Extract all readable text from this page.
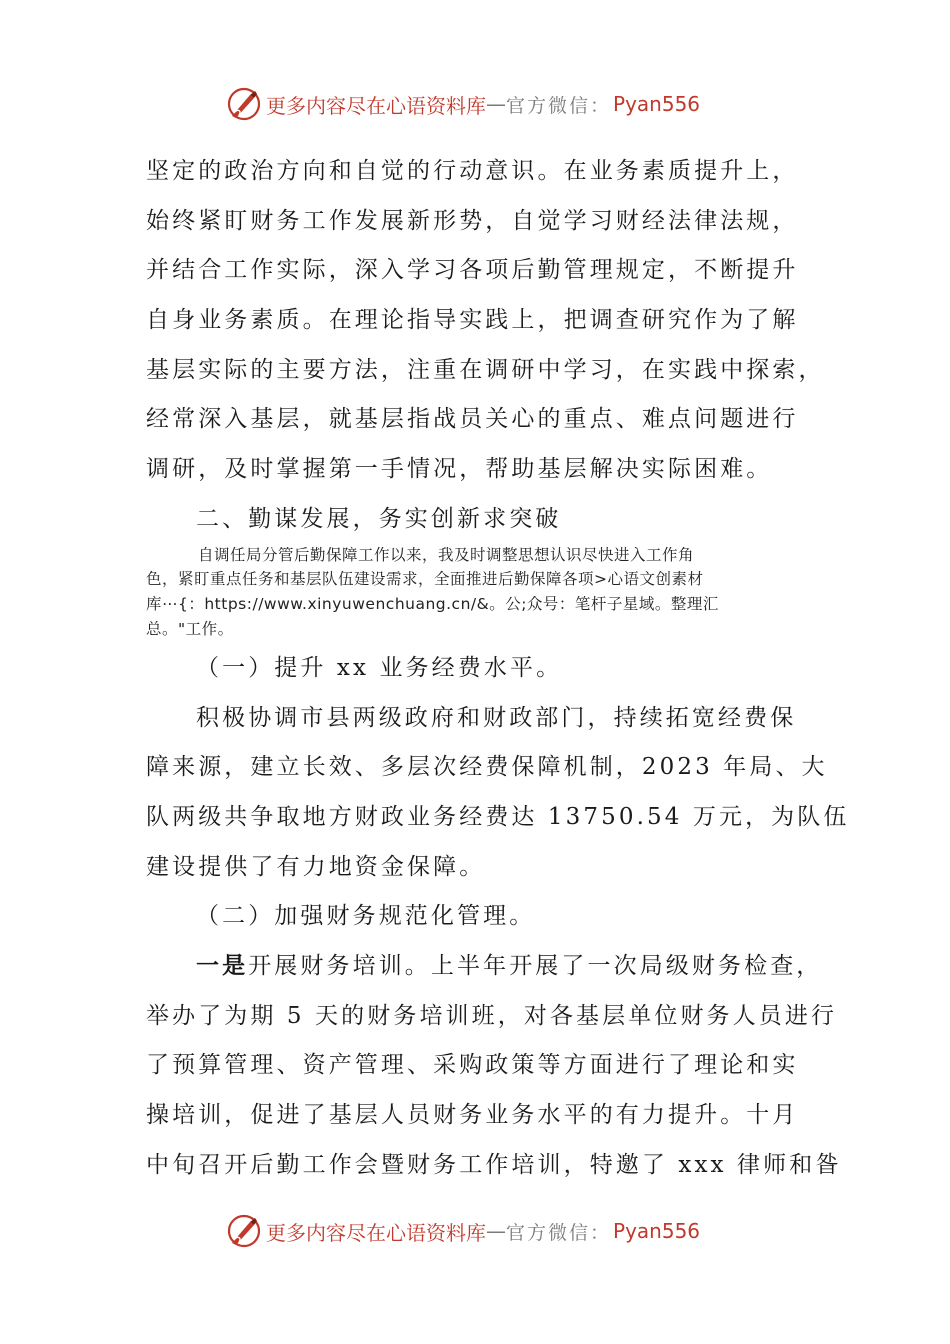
更多内容尽在心语资料库 — 官方微信： Pyan556
坚定的政治方向和自觉的行动意识。在业务素质提升上，
始终紧盯财务工作发展新形势，自觉学习财经法律法规，
并结合工作实际，深入学习各项后勤管理规定，不断提升
自身业务素质。在理论指导实践上，把调查研究作为了解
基层实际的主要方法，注重在调研中学习，在实践中探索，
经常深入基层，就基层指战员关心的重点、难点问题进行
调研，及时掌握第一手情况，帮助基层解决实际困难。
二、勤谋发展，务实创新求突破
自调任局分管后勤保障工作以来，我及时调整思想认识尽快进入工作角
色，紧盯重点任务和基层队伍建设需求，全面推进后勤保障各项>心语文创素材
库⋯{：https://www.xinyuwenchuang.cn/&。公;众号：笔杆子星域。整理汇
总。"工作。
（一）提升 xx 业务经费水平。
积极协调市县两级政府和财政部门，持续拓宽经费保
障来源，建立长效、多层次经费保障机制，2023 年局、大
队两级共争取地方财政业务经费达 13750.54 万元，为队伍
建设提供了有力地资金保障。
（二）加强财务规范化管理。
一是开展财务培训。上半年开展了一次局级财务检查，
举办了为期 5 天的财务培训班，对各基层单位财务人员进行
了预算管理、资产管理、采购政策等方面进行了理论和实
操培训，促进了基层人员财务业务水平的有力提升。十月
中旬召开后勤工作会暨财务工作培训，特邀了 xxx 律师和昝
更多内容尽在心语资料库 — 官方微信： Pyan556
